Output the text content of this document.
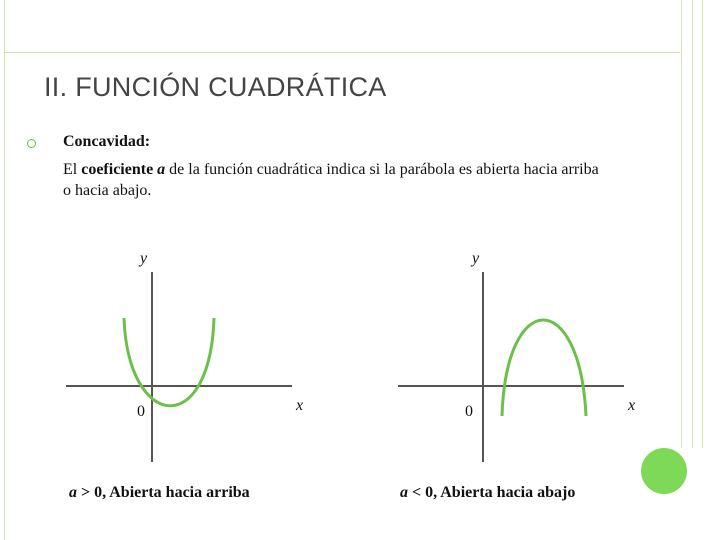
II. FUNCIÓN CUADRÁTICA
Concavidad:
El coeficiente a de la función cuadrática indica si la parábola es abierta hacia arriba o hacia abajo.
y
x
0
y
x
0
a > 0, Abierta hacia arriba	a < 0, Abierta hacia abajo
